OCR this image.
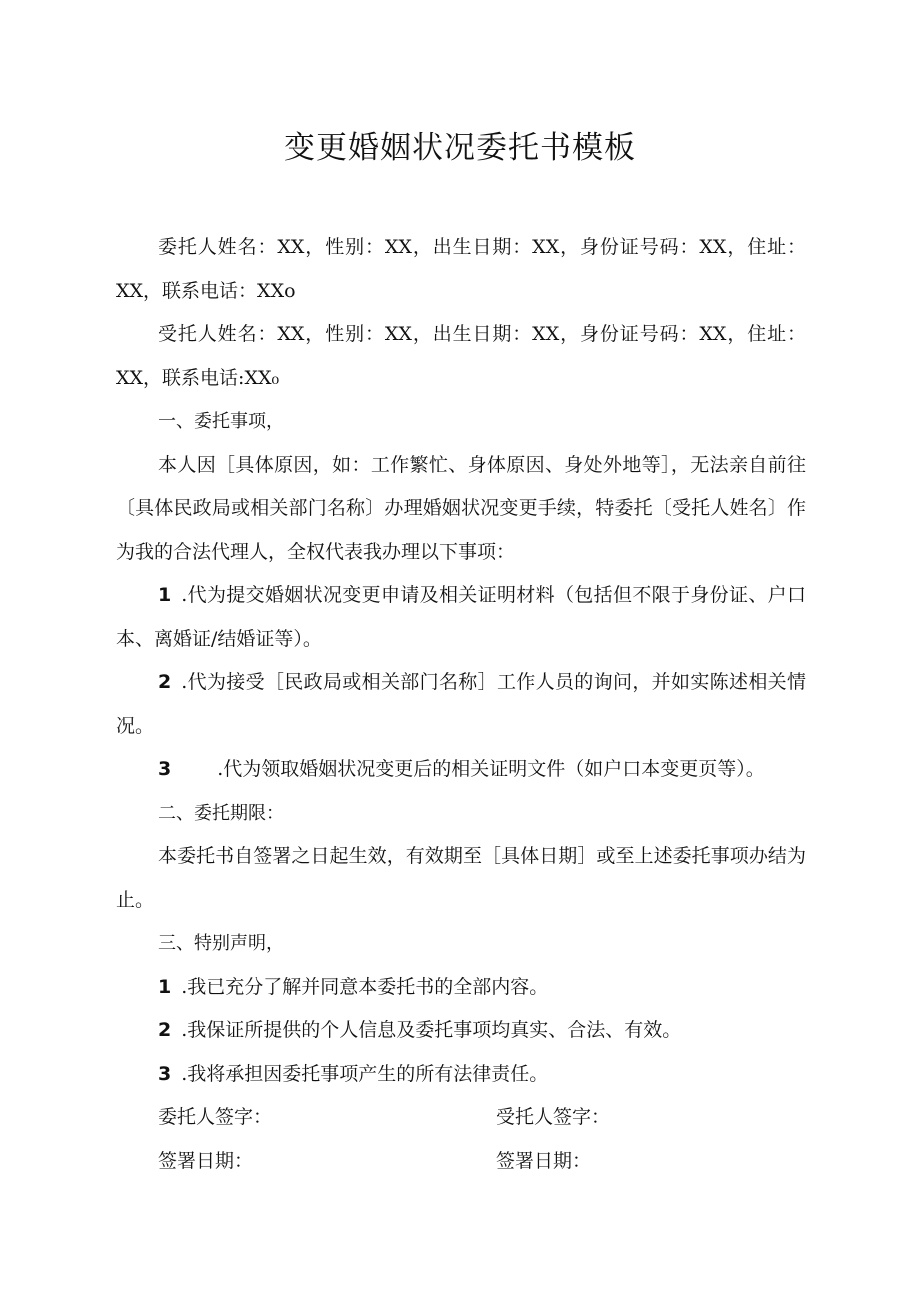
变更婚姻状况委托书模板

委托人姓名：XX，性别：XX，出生日期：XX，身份证号码：XX，住址：XX，联系电话：XXo

受托人姓名：XX，性别：XX，出生日期：XX，身份证号码：XX，住址：XX，联系电话:XX₀

一、委托事项，

本人因［具体原因，如：工作繁忙、身体原因、身处外地等］，无法亲自前往〔具体民政局或相关部门名称〕办理婚姻状况变更手续，特委托〔受托人姓名〕作为我的合法代理人，全权代表我办理以下事项：

1 .代为提交婚姻状况变更申请及相关证明材料（包括但不限于身份证、户口本、离婚证/结婚证等）。

2 .代为接受［民政局或相关部门名称］工作人员的询问，并如实陈述相关情况。

3 .代为领取婚姻状况变更后的相关证明文件（如户口本变更页等）。

二、委托期限：

本委托书自签署之日起生效，有效期至［具体日期］或至上述委托事项办结为止。

三、特别声明，

1 .我已充分了解并同意本委托书的全部内容。

2 .我保证所提供的个人信息及委托事项均真实、合法、有效。

3 .我将承担因委托事项产生的所有法律责任。

委托人签字：	受托人签字：
签署日期：	签署日期：
